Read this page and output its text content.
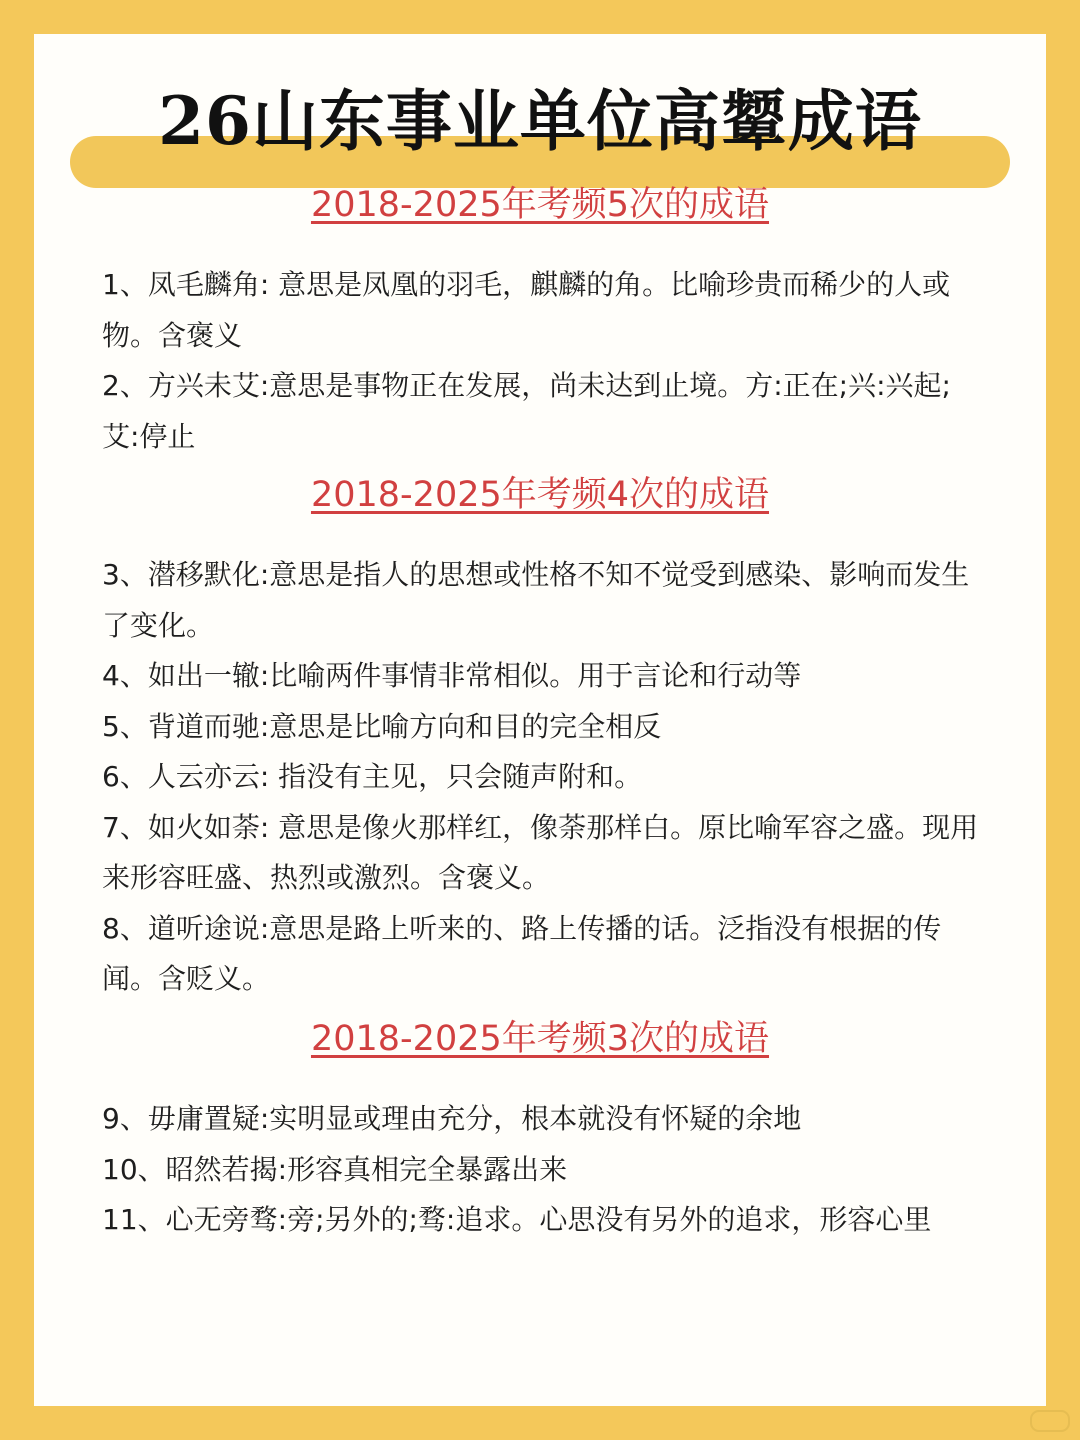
26山东事业单位高颦成语
2018-2025年考频5次的成语
1、凤毛麟角: 意思是凤凰的羽毛，麒麟的角。比喻珍贵而稀少的人或物。含褒义
2、方兴未艾:意思是事物正在发展，尚未达到止境。方:正在;兴:兴起;艾:停止
2018-2025年考频4次的成语
3、潜移默化:意思是指人的思想或性格不知不觉受到感染、影响而发生了变化。
4、如出一辙:比喻两件事情非常相似。用于言论和行动等
5、背道而驰:意思是比喻方向和目的完全相反
6、人云亦云: 指没有主见，只会随声附和。
7、如火如荼: 意思是像火那样红，像荼那样白。原比喻军容之盛。现用来形容旺盛、热烈或激烈。含褒义。
8、道听途说:意思是路上听来的、路上传播的话。泛指没有根据的传闻。含贬义。
2018-2025年考频3次的成语
9、毋庸置疑:实明显或理由充分，根本就没有怀疑的余地
10、昭然若揭:形容真相完全暴露出来
11、心无旁骛:旁;另外的;骛:追求。心思没有另外的追求，形容心里
